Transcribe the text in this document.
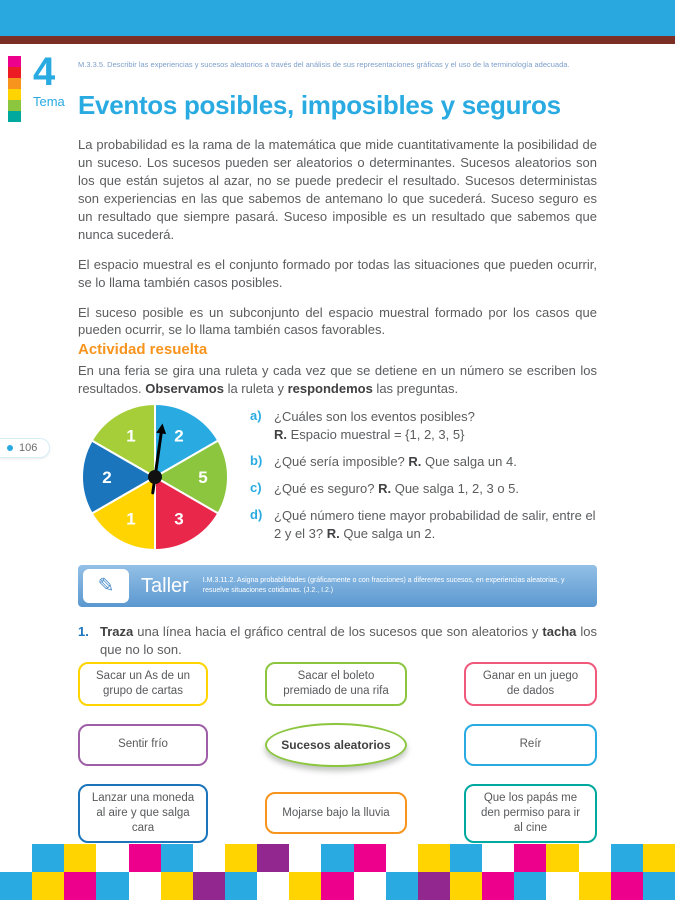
4
Tema
M.3.3.5. Describir las experiencias y sucesos aleatorios a través del análisis de sus representaciones gráficas y el uso de la terminología adecuada.
Eventos posibles, imposibles y seguros

La probabilidad es la rama de la matemática que mide cuantitativamente la posibilidad de un suceso. Los sucesos pueden ser aleatorios o determinantes. Sucesos aleatorios son los que están sujetos al azar, no se puede predecir el resultado. Sucesos deterministas son experiencias en las que sabemos de antemano lo que sucederá. Suceso seguro es un resultado que siempre pasará. Suceso imposible es un resultado que sabemos que nunca sucederá.

El espacio muestral es el conjunto formado por todas las situaciones que pueden ocurrir, se lo llama también casos posibles.

El suceso posible es un subconjunto del espacio muestral formado por los casos que pueden ocurrir, se lo llama también casos favorables.

Actividad resuelta

En una feria se gira una ruleta y cada vez que se detiene en un número se escriben los resultados. Observamos la ruleta y respondemos las preguntas.

2
5
3
1
2
1
106
a) ¿Cuáles son los eventos posibles?
R. Espacio muestral = {1, 2, 3, 5}
b) ¿Qué sería imposible? R. Que salga un 4.
c) ¿Qué es seguro? R. Que salga 1, 2, 3 o 5.
d) ¿Qué número tiene mayor probabilidad de salir, entre el 2 y el 3? R. Que salga un 2.
✎ Taller I.M.3.11.2. Asigna probabilidades (gráficamente o con fracciones) a diferentes sucesos, en experiencias aleatorias, y resuelve situaciones cotidianas. (J.2., I.2.)
1. Traza una línea hacia el gráfico central de los sucesos que son aleatorios y tacha los que no lo son.
Sacar un As de un grupo de cartas
Sacar el boleto premiado de una rifa
Ganar en un juego de dados
Sentir frío	Sucesos aleatorios	Reír
Lanzar una moneda al aire y que salga cara
Mojarse bajo la lluvia
Que los papás me den permiso para ir al cine
